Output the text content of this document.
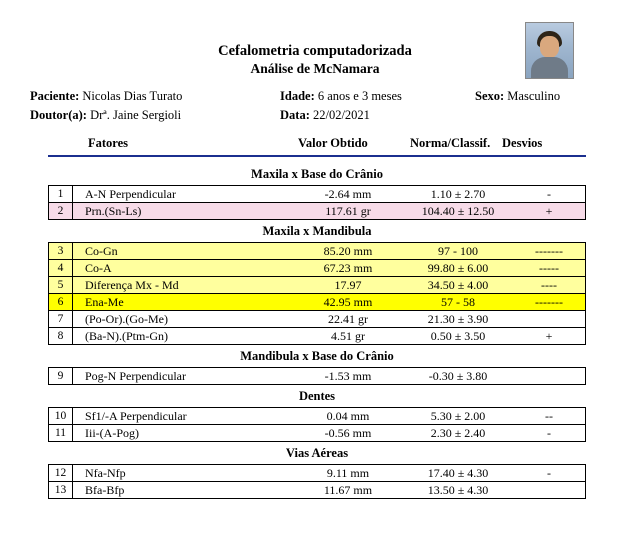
Cefalometria computadorizada
Análise de McNamara
Paciente: Nicolas Dias Turato	Idade: 6 anos e 3 meses	Sexo: Masculino
Doutor(a): Drª. Jaine Sergioli	Data: 22/02/2021
Fatores	Valor Obtido	Norma/Classif. Desvios
Maxila x Base do Crânio
1	A-N Perpendicular	-2.64 mm	1.10 ± 2.70	-
2	Prn.(Sn-Ls)	117.61 gr	104.40 ± 12.50	+
Maxila x Mandibula
3	Co-Gn	85.20 mm	97 - 100	-------
4	Co-A	67.23 mm	99.80 ± 6.00	-----
5	Diferença Mx - Md	17.97	34.50 ± 4.00	----
6	Ena-Me	42.95 mm	57 - 58	-------
7	(Po-Or).(Go-Me)	22.41 gr	21.30 ± 3.90
8	(Ba-N).(Ptm-Gn)	4.51 gr	0.50 ± 3.50	+
Mandibula x Base do Crânio
9	Pog-N Perpendicular	-1.53 mm	-0.30 ± 3.80
Dentes
10	Sf1/-A Perpendicular	0.04 mm	5.30 ± 2.00	--
11	Iii-(A-Pog)	-0.56 mm	2.30 ± 2.40	-
Vias Aéreas
12	Nfa-Nfp	9.11 mm	17.40 ± 4.30	-
13	Bfa-Bfp	11.67 mm	13.50 ± 4.30
